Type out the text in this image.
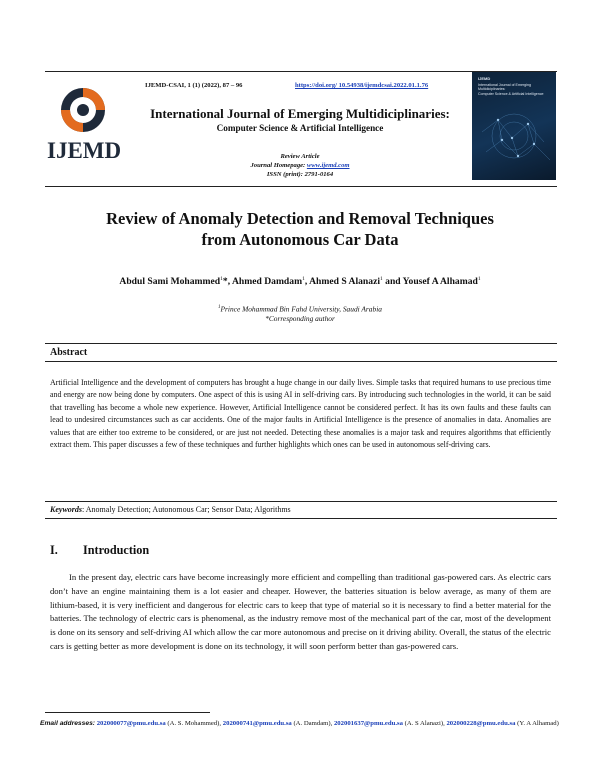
IJEMD
IJEMD-CSAI, 1 (1) (2022), 87 – 96	https://doi.org/ 10.54938/ijemdcsai.2022.01.1.76
International Journal of Emerging Multidiciplinaries:
Computer Science & Artificial Intelligence
Review Article
Journal Homepage: www.ijemd.com
ISSN (print): 2791-0164
IJEMD
International Journal of Emerging Multidiciplinaries:
Computer Science & Artificial Intelligence
Review of Anomaly Detection and Removal Techniques
from Autonomous Car Data
Abdul Sami Mohammed$^1$*, Ahmed Damdam$^1$, Ahmed S Alanazi$^1$ and Yousef A Alhamad$^1$
$^1$Prince Mohammad Bin Fahd University, Saudi Arabia
*Corresponding author
Abstract
Artificial Intelligence and the development of computers has brought a huge change in our daily lives. Simple tasks that required humans to use precious time and energy are now being done by computers. One aspect of this is using AI in self-driving cars. By introducing such technologies in the world, it can be said that travelling has become a whole new experience. However, Artificial Intelligence cannot be considered perfect. It has its own faults and these faults can lead to undesired circumstances such as car accidents. One of the major faults in Artificial Intelligence is the presence of anomalies in data. Anomalies are values that are either too extreme to be considered, or are just not needed. Detecting these anomalies is a major task and requires algorithms that efficiently extract them. This paper discusses a few of these techniques and further highlights which ones can be used in autonomous self-driving cars.
Keywords: Anomaly Detection; Autonomous Car; Sensor Data; Algorithms
I. Introduction
In the present day, electric cars have become increasingly more efficient and compelling than traditional gas-powered cars. As electric cars don’t have an engine maintaining them is a lot easier and cheaper. However, the batteries situation is below average, as many of them are lithium-based, it is very inefficient and dangerous for electric cars to keep that type of material so it is necessary to find a better material for the batteries. The technology of electric cars is phenomenal, as the industry remove most of the mechanical part of the car, most of the development is done on its sensory and self-driving AI which allow the car more autonomous and precise on it driving ability. Overall, the status of the electric cars is getting better as more development is done on its technology, it will soon perform better than gas-powered cars.
Email addresses: 202000077@pmu.edu.sa (A. S. Mohammed), 202000741@pmu.edu.sa (A. Damdam), 202001637@pmu.edu.sa (A. S Alanazi), 202000228@pmu.edu.sa (Y. A Alhamad)
